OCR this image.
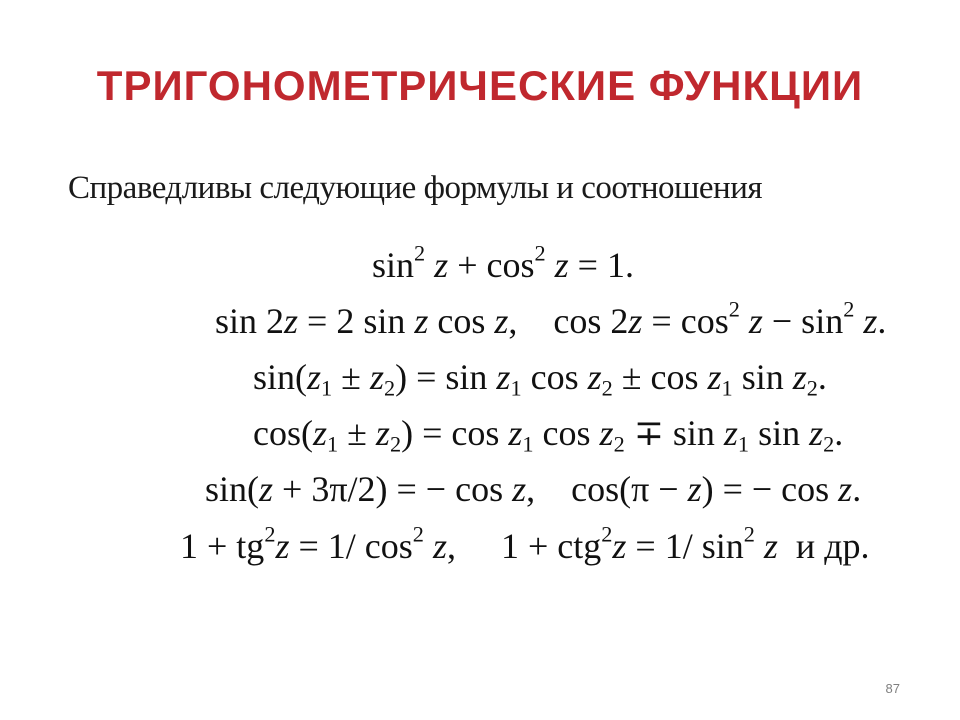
ТРИГОНОМЕТРИЧЕСКИЕ ФУНКЦИИ
Справедливы следующие формулы и соотношения
$\sin^2 z + \cos^2 z = 1$.
sin 2z = 2 sin z cos z,    $\cos 2z = \cos^2 z - \sin^2 z$.
$\sin(z_1 \pm z_2) = \sin z_1$ $\cos z_2 \pm \cos z_1$ $\sin z_2$.
$\cos(z_1 \pm z_2) = \cos z_1$ $\cos z_2 \mp \sin z_1$ $\sin z_2$.
sin(z + 3π/2) = − cos z,    cos(π − z) = − cos z.
$1 + tg^2z = 1/$ $\cos^2 z$,     1 + ctg$^2$z = 1/ $\sin^2 z$ и др.
87
